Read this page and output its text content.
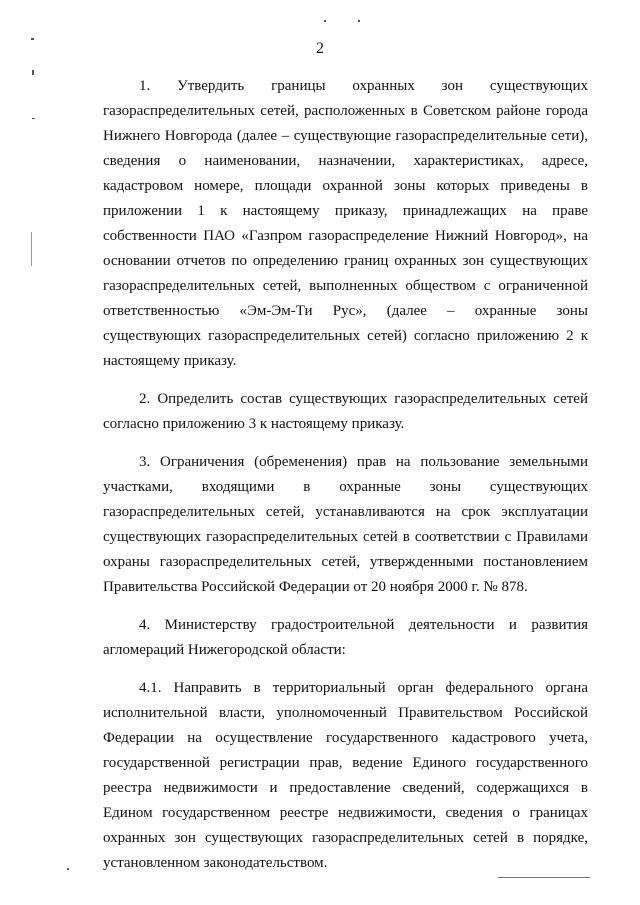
2

1. Утвердить границы охранных зон существующих газораспределительных сетей, расположенных в Советском районе города Нижнего Новгорода (далее – существующие газораспределительные сети), сведения о наименовании, назначении, характеристиках, адресе, кадастровом номере, площади охранной зоны которых приведены в приложении 1 к настоящему приказу, принадлежащих на праве собственности ПАО «Газпром газораспределение Нижний Новгород», на основании отчетов по определению границ охранных зон существующих газораспределительных сетей, выполненных обществом с ограниченной ответственностью «Эм-Эм-Ти Рус», (далее – охранные зоны существующих газораспределительных сетей) согласно приложению 2 к настоящему приказу.

2. Определить состав существующих газораспределительных сетей согласно приложению 3 к настоящему приказу.

3. Ограничения (обременения) прав на пользование земельными участками, входящими в охранные зоны существующих газораспределительных сетей, устанавливаются на срок эксплуатации существующих газораспределительных сетей в соответствии с Правилами охраны газораспределительных сетей, утвержденными постановлением Правительства Российской Федерации от 20 ноября 2000 г. № 878.

4. Министерству градостроительной деятельности и развития агломераций Нижегородской области:

4.1. Направить в территориальный орган федерального органа исполнительной власти, уполномоченный Правительством Российской Федерации на осуществление государственного кадастрового учета, государственной регистрации прав, ведение Единого государственного реестра недвижимости и предоставление сведений, содержащихся в Едином государственном реестре недвижимости, сведения о границах охранных зон существующих газораспределительных сетей в порядке, установленном законодательством.
